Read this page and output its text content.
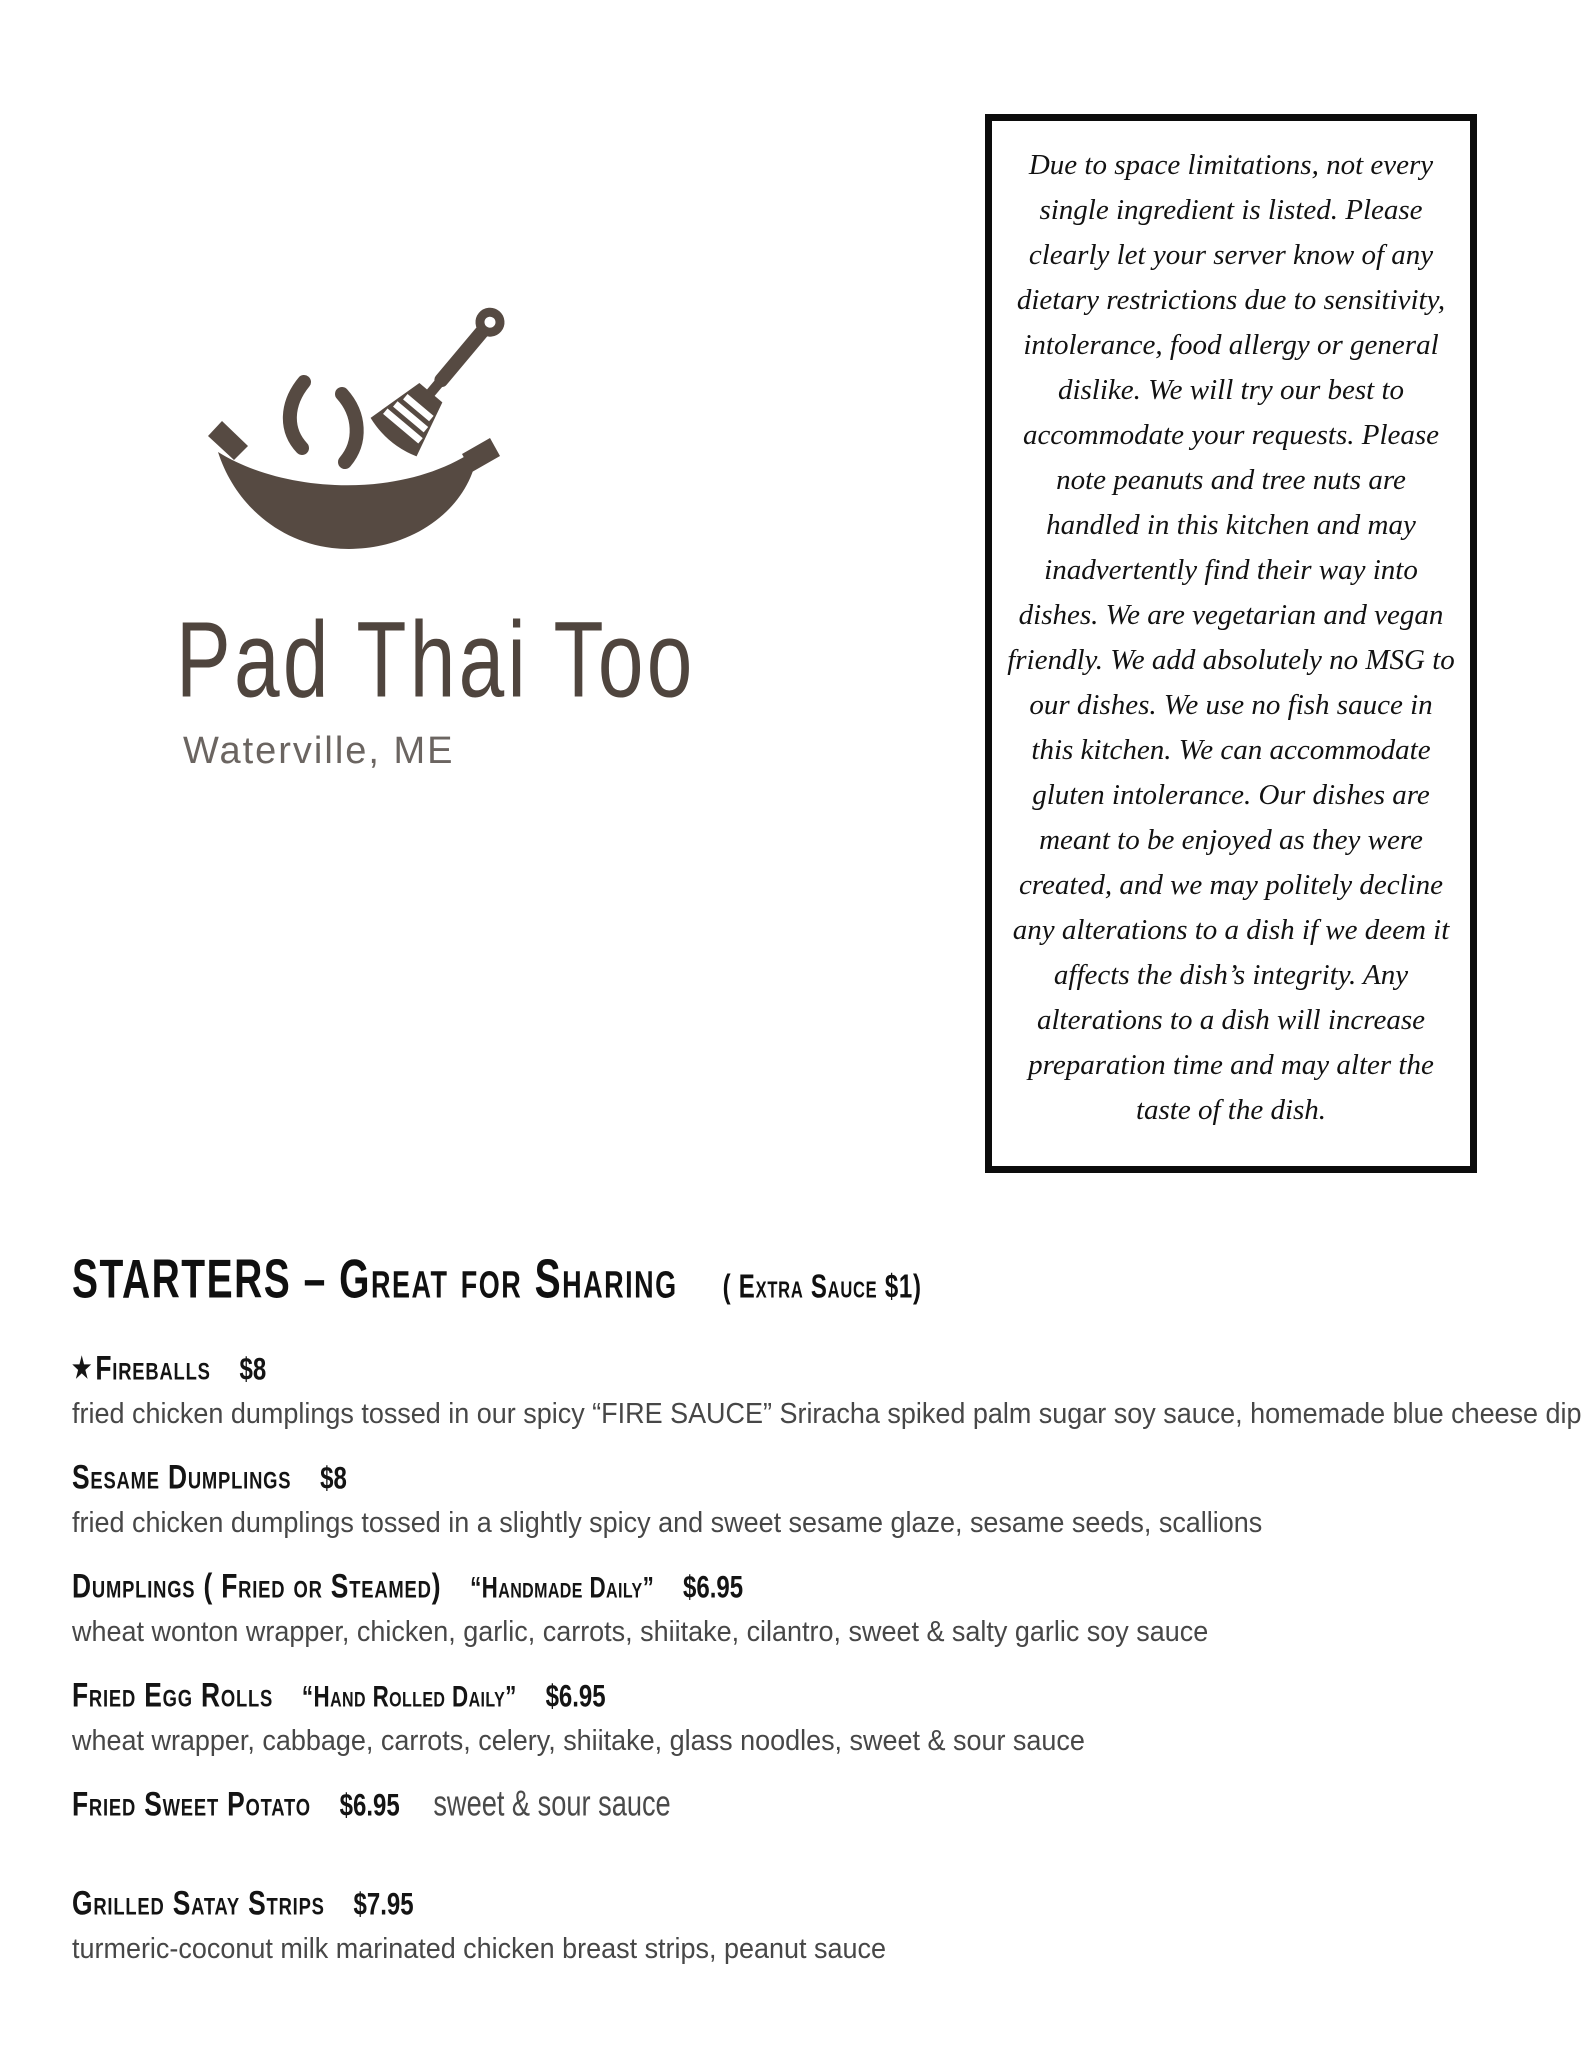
Pad Thai Too
Waterville, ME
Due to space limitations, not every single ingredient is listed. Please clearly let your server know of any dietary restrictions due to sensitivity, intolerance, food allergy or general dislike. We will try our best to accommodate your requests. Please note peanuts and tree nuts are handled in this kitchen and may inadvertently find their way into dishes. We are vegetarian and vegan friendly. We add absolutely no MSG to our dishes. We use no fish sauce in this kitchen. We can accommodate gluten intolerance. Our dishes are meant to be enjoyed as they were created, and we may politely decline any alterations to a dish if we deem it affects the dish’s integrity. Any alterations to a dish will increase preparation time and may alter the taste of the dish.
STARTERS – Great for Sharing ( Extra Sauce $1)
★Fireballs $8
fried chicken dumplings tossed in our spicy “FIRE SAUCE” Sriracha spiked palm sugar soy sauce, homemade blue cheese dip
Sesame Dumplings $8
fried chicken dumplings tossed in a slightly spicy and sweet sesame glaze, sesame seeds, scallions
Dumplings ( Fried or Steamed) “Handmade Daily” $6.95
wheat wonton wrapper, chicken, garlic, carrots, shiitake, cilantro, sweet & salty garlic soy sauce
Fried Egg Rolls “Hand Rolled Daily” $6.95
wheat wrapper, cabbage, carrots, celery, shiitake, glass noodles, sweet & sour sauce
Fried Sweet Potato $6.95 sweet & sour sauce
Grilled Satay Strips $7.95
turmeric-coconut milk marinated chicken breast strips, peanut sauce
